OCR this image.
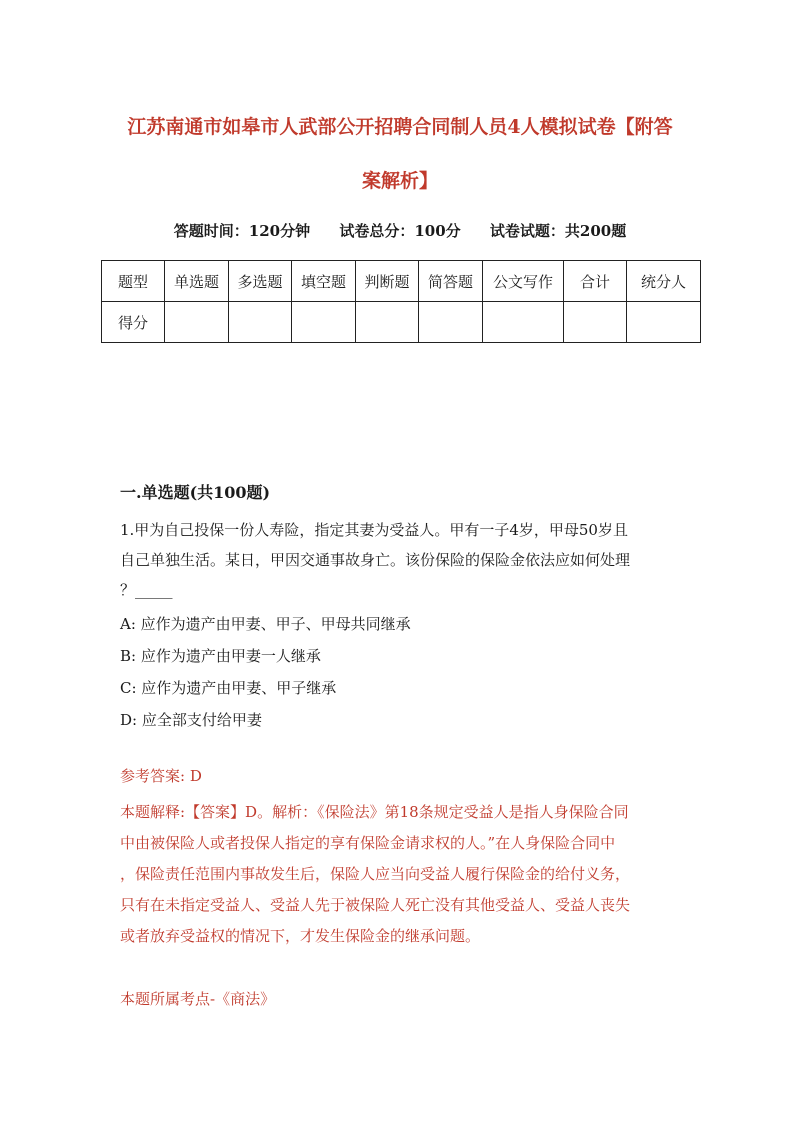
江苏南通市如皋市人武部公开招聘合同制人员4人模拟试卷【附答
案解析】
答题时间：120分钟 试卷总分：100分 试卷试题：共200题
题型	单选题	多选题	填空题	判断题	简答题	公文写作	合计	统分人
得分								
一.单选题(共100题)
1.甲为自己投保一份人寿险，指定其妻为受益人。甲有一子4岁，甲母50岁且
自己单独生活。某日，甲因交通事故身亡。该份保险的保险金依法应如何处理
？_____
A: 应作为遗产由甲妻、甲子、甲母共同继承
B: 应作为遗产由甲妻一人继承
C: 应作为遗产由甲妻、甲子继承
D: 应全部支付给甲妻
参考答案: D
本题解释:【答案】D。解析：《保险法》第18条规定受益人是指人身保险合同
中由被保险人或者投保人指定的享有保险金请求权的人。”在人身保险合同中
，保险责任范围内事故发生后，保险人应当向受益人履行保险金的给付义务，
只有在未指定受益人、受益人先于被保险人死亡没有其他受益人、受益人丧失
或者放弃受益权的情况下，才发生保险金的继承问题。
本题所属考点-《商法》
